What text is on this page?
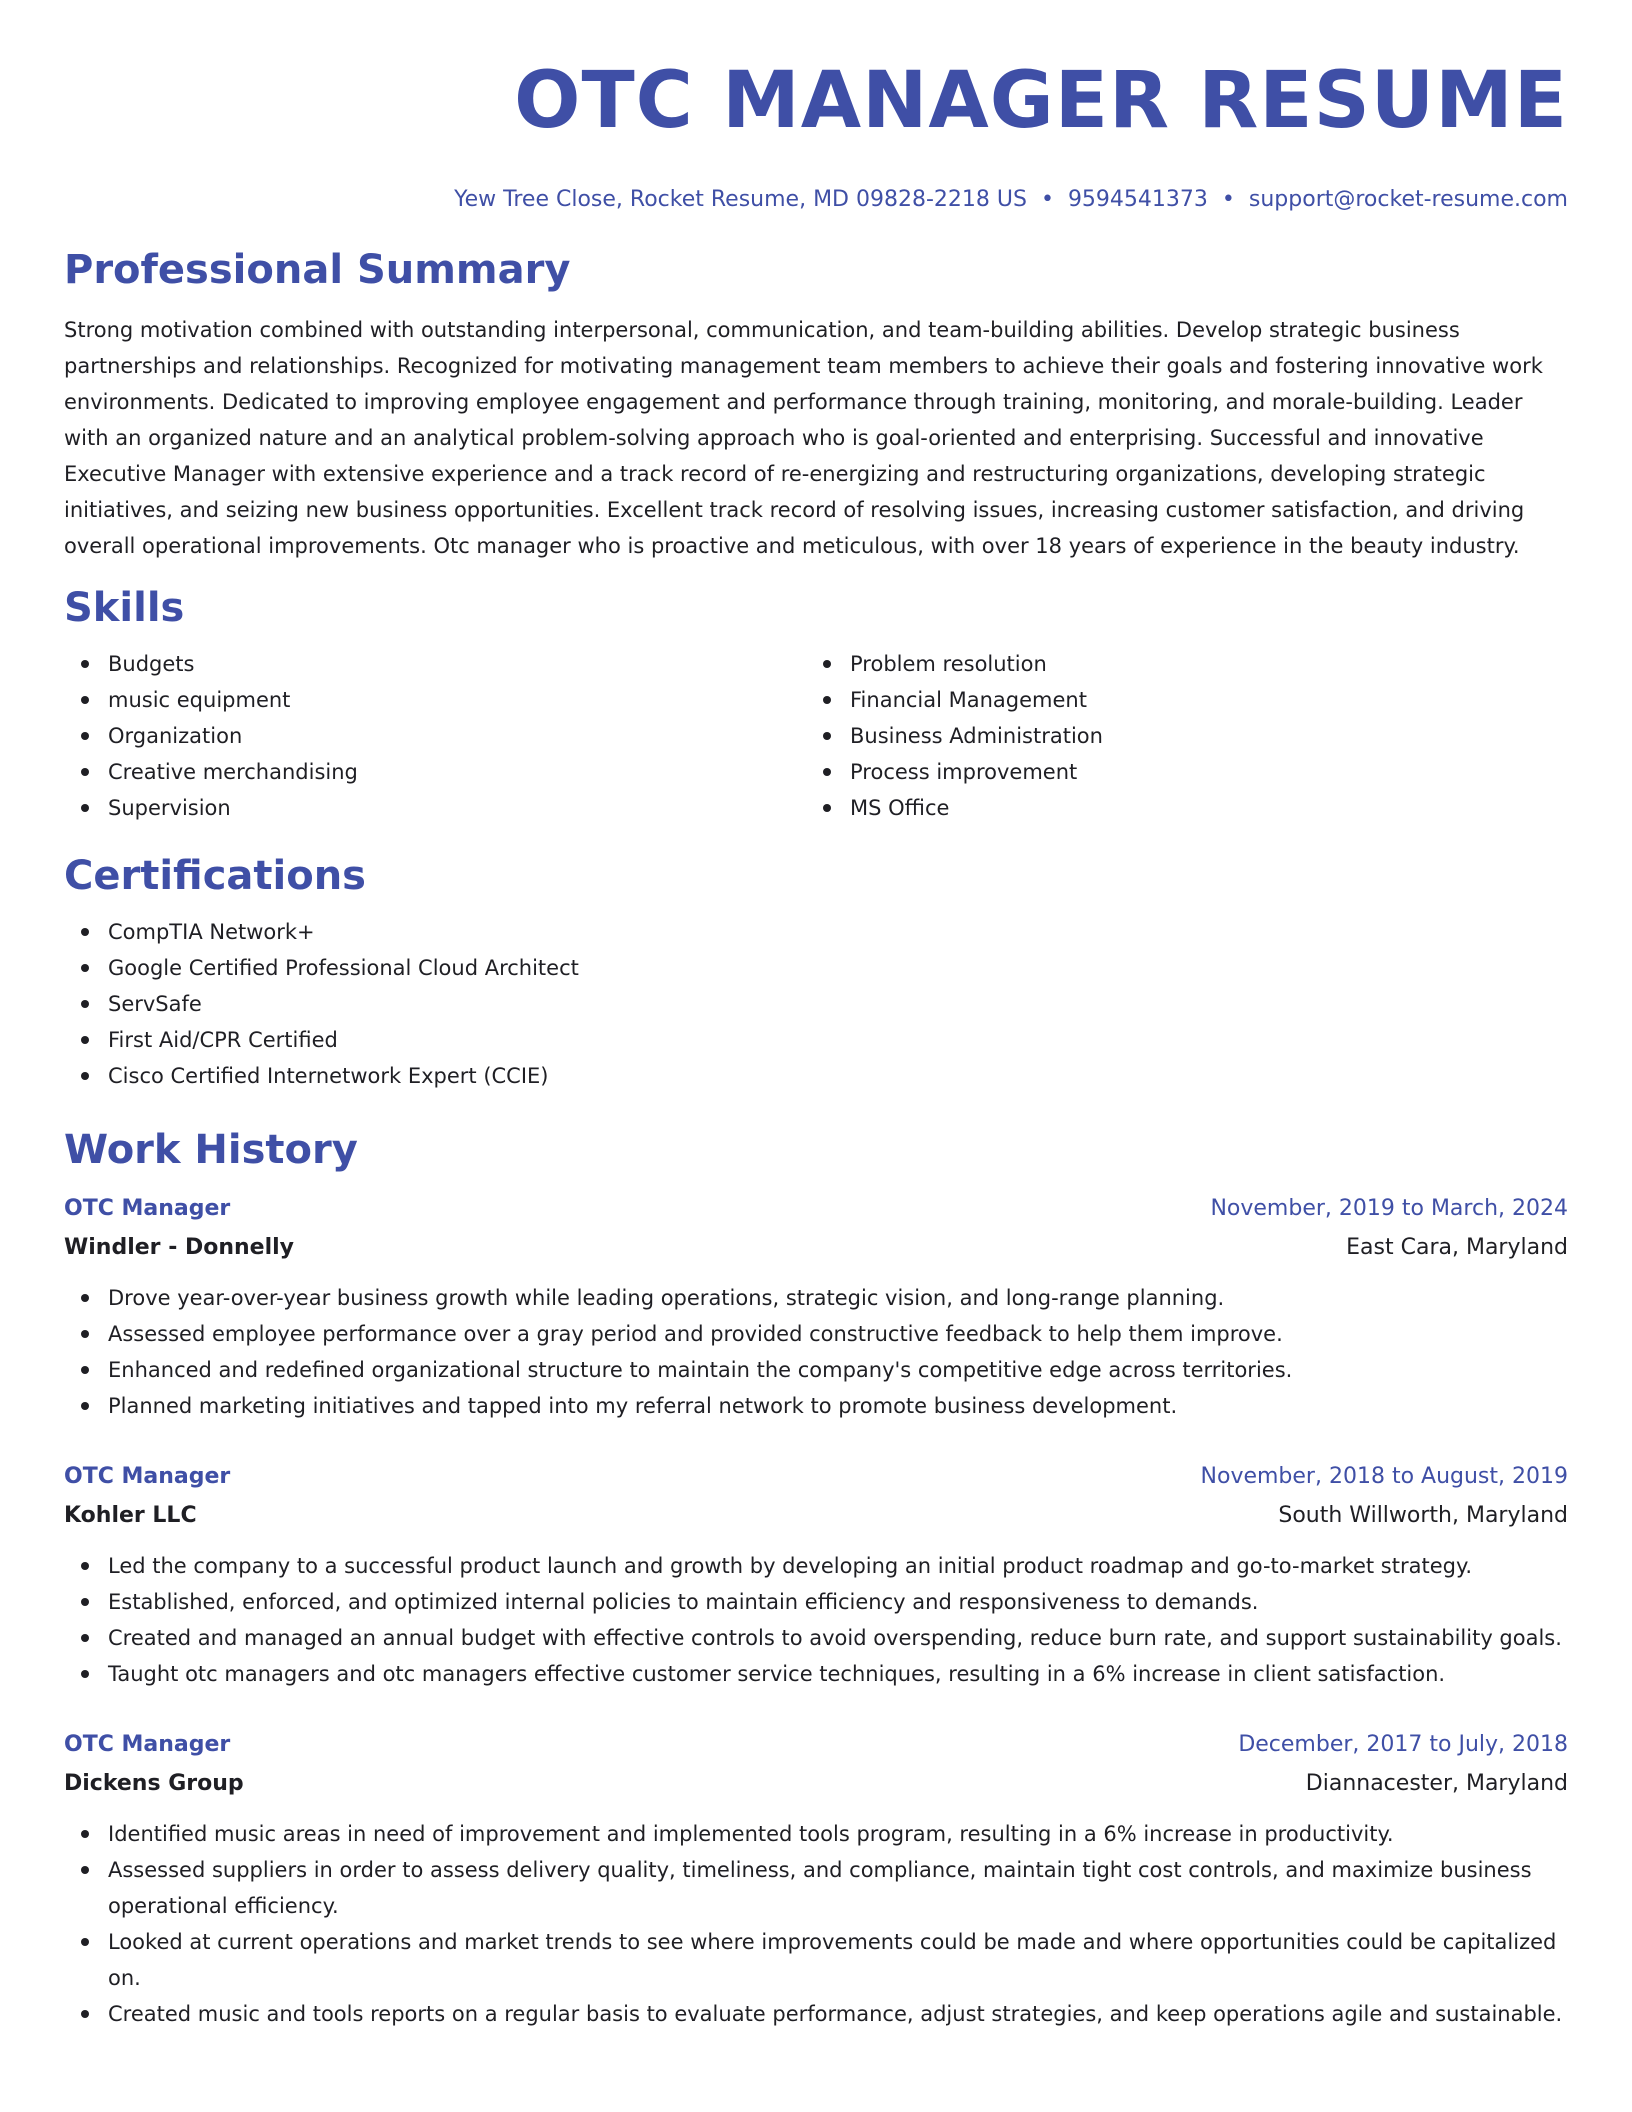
OTC MANAGER RESUME
Yew Tree Close, Rocket Resume, MD 09828-2218 US • 9594541373 • support@rocket-resume.com
Professional Summary

Strong motivation combined with outstanding interpersonal, communication, and team-building abilities. Develop strategic business partnerships and relationships. Recognized for motivating management team members to achieve their goals and fostering innovative work environments. Dedicated to improving employee engagement and performance through training, monitoring, and morale-building. Leader with an organized nature and an analytical problem-solving approach who is goal-oriented and enterprising. Successful and innovative Executive Manager with extensive experience and a track record of re-energizing and restructuring organizations, developing strategic initiatives, and seizing new business opportunities. Excellent track record of resolving issues, increasing customer satisfaction, and driving overall operational improvements. Otc manager who is proactive and meticulous, with over 18 years of experience in the beauty industry.

Skills
Budgets
music equipment
Organization
Creative merchandising
Supervision
Problem resolution
Financial Management
Business Administration
Process improvement
MS Office
Certifications
CompTIA Network+
Google Certified Professional Cloud Architect
ServSafe
First Aid/CPR Certified
Cisco Certified Internetwork Expert (CCIE)
Work History
OTC Manager	November, 2019 to March, 2024
Windler - Donnelly	East Cara, Maryland
Drove year-over-year business growth while leading operations, strategic vision, and long-range planning.
Assessed employee performance over a gray period and provided constructive feedback to help them improve.
Enhanced and redefined organizational structure to maintain the company's competitive edge across territories.
Planned marketing initiatives and tapped into my referral network to promote business development.
OTC Manager	November, 2018 to August, 2019
Kohler LLC	South Willworth, Maryland
Led the company to a successful product launch and growth by developing an initial product roadmap and go-to-market strategy.
Established, enforced, and optimized internal policies to maintain efficiency and responsiveness to demands.
Created and managed an annual budget with effective controls to avoid overspending, reduce burn rate, and support sustainability goals.
Taught otc managers and otc managers effective customer service techniques, resulting in a 6% increase in client satisfaction.
OTC Manager	December, 2017 to July, 2018
Dickens Group	Diannacester, Maryland
Identified music areas in need of improvement and implemented tools program, resulting in a 6% increase in productivity.
Assessed suppliers in order to assess delivery quality, timeliness, and compliance, maintain tight cost controls, and maximize business operational efficiency.
Looked at current operations and market trends to see where improvements could be made and where opportunities could be capitalized on.
Created music and tools reports on a regular basis to evaluate performance, adjust strategies, and keep operations agile and sustainable.
